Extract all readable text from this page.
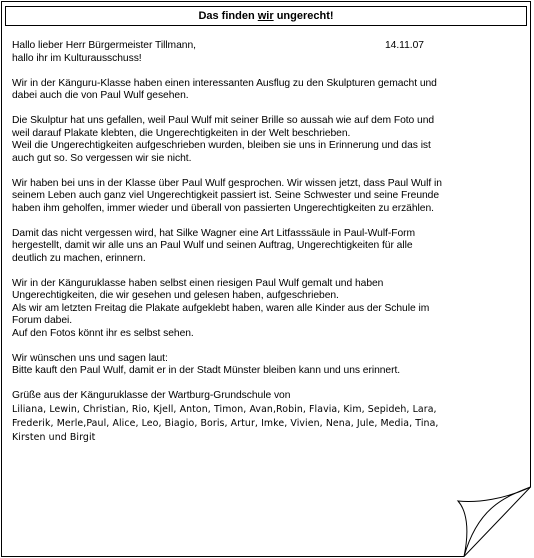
Das finden wir ungerecht!

Hallo lieber Herr Bürgermeister Tillmann,	14.11.07
hallo ihr im Kulturausschuss!

Wir in der Känguru-Klasse haben einen interessanten Ausflug zu den Skulpturen gemacht und
dabei auch die von Paul Wulf gesehen.

Die Skulptur hat uns gefallen, weil Paul Wulf mit seiner Brille so aussah wie auf dem Foto und
weil darauf Plakate klebten, die Ungerechtigkeiten in der Welt beschrieben.
Weil die Ungerechtigkeiten aufgeschrieben wurden, bleiben sie uns in Erinnerung und das ist
auch gut so. So vergessen wir sie nicht.

Wir haben bei uns in der Klasse über Paul Wulf gesprochen. Wir wissen jetzt, dass Paul Wulf in
seinem Leben auch ganz viel Ungerechtigkeit passiert ist. Seine Schwester und seine Freunde
haben ihm geholfen, immer wieder und überall von passierten Ungerechtigkeiten zu erzählen.

Damit das nicht vergessen wird, hat Silke Wagner eine Art Litfasssäule in Paul-Wulf-Form
hergestellt, damit wir alle uns an Paul Wulf und seinen Auftrag, Ungerechtigkeiten für alle
deutlich zu machen, erinnern.

Wir in der Känguruklasse haben selbst einen riesigen Paul Wulf gemalt und haben
Ungerechtigkeiten, die wir gesehen und gelesen haben, aufgeschrieben.
Als wir am letzten Freitag die Plakate aufgeklebt haben, waren alle Kinder aus der Schule im
Forum dabei.
Auf den Fotos könnt ihr es selbst sehen.

Wir wünschen uns und sagen laut:
Bitte kauft den Paul Wulf, damit er in der Stadt Münster bleiben kann und uns erinnert.

Grüße aus der Känguruklasse der Wartburg-Grundschule von

Liliana, Lewin, Christian, Rio, Kjell, Anton, Timon, Avan,Robin, Flavia, Kim, Sepideh, Lara,
Frederik, Merle,Paul, Alice, Leo, Biagio, Boris, Artur, Imke, Vivien, Nena, Jule, Media, Tina,
Kirsten und Birgit
